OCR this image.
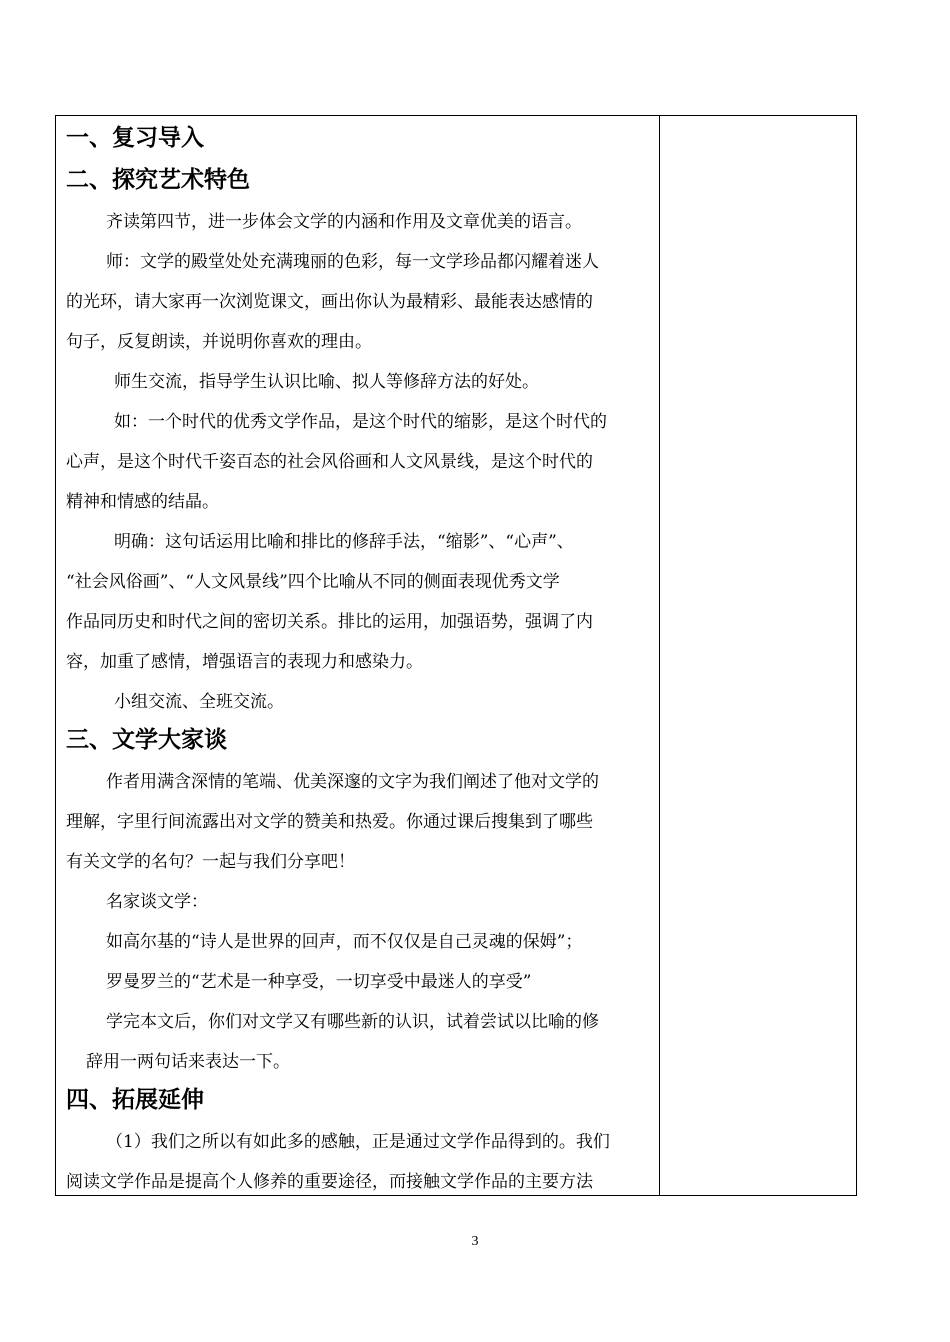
一、复习导入
二、探究艺术特色
齐读第四节，进一步体会文学的内涵和作用及文章优美的语言。
师：文学的殿堂处处充满瑰丽的色彩，每一文学珍品都闪耀着迷人
的光环，请大家再一次浏览课文，画出你认为最精彩、最能表达感情的
句子，反复朗读，并说明你喜欢的理由。
师生交流，指导学生认识比喻、拟人等修辞方法的好处。
如：一个时代的优秀文学作品，是这个时代的缩影，是这个时代的
心声，是这个时代千姿百态的社会风俗画和人文风景线，是这个时代的
精神和情感的结晶。
明确：这句话运用比喻和排比的修辞手法，“缩影”、“心声”、
“社会风俗画”、“人文风景线”四个比喻从不同的侧面表现优秀文学
作品同历史和时代之间的密切关系。排比的运用，加强语势，强调了内
容，加重了感情，增强语言的表现力和感染力。
小组交流、全班交流。
三、文学大家谈
作者用满含深情的笔端、优美深邃的文字为我们阐述了他对文学的
理解，字里行间流露出对文学的赞美和热爱。你通过课后搜集到了哪些
有关文学的名句？一起与我们分享吧！
名家谈文学：
如高尔基的“诗人是世界的回声，而不仅仅是自己灵魂的保姆”；
罗曼罗兰的“艺术是一种享受，一切享受中最迷人的享受”
学完本文后，你们对文学又有哪些新的认识，试着尝试以比喻的修
辞用一两句话来表达一下。
四、拓展延伸
（1）我们之所以有如此多的感触，正是通过文学作品得到的。我们
阅读文学作品是提高个人修养的重要途径，而接触文学作品的主要方法
3
